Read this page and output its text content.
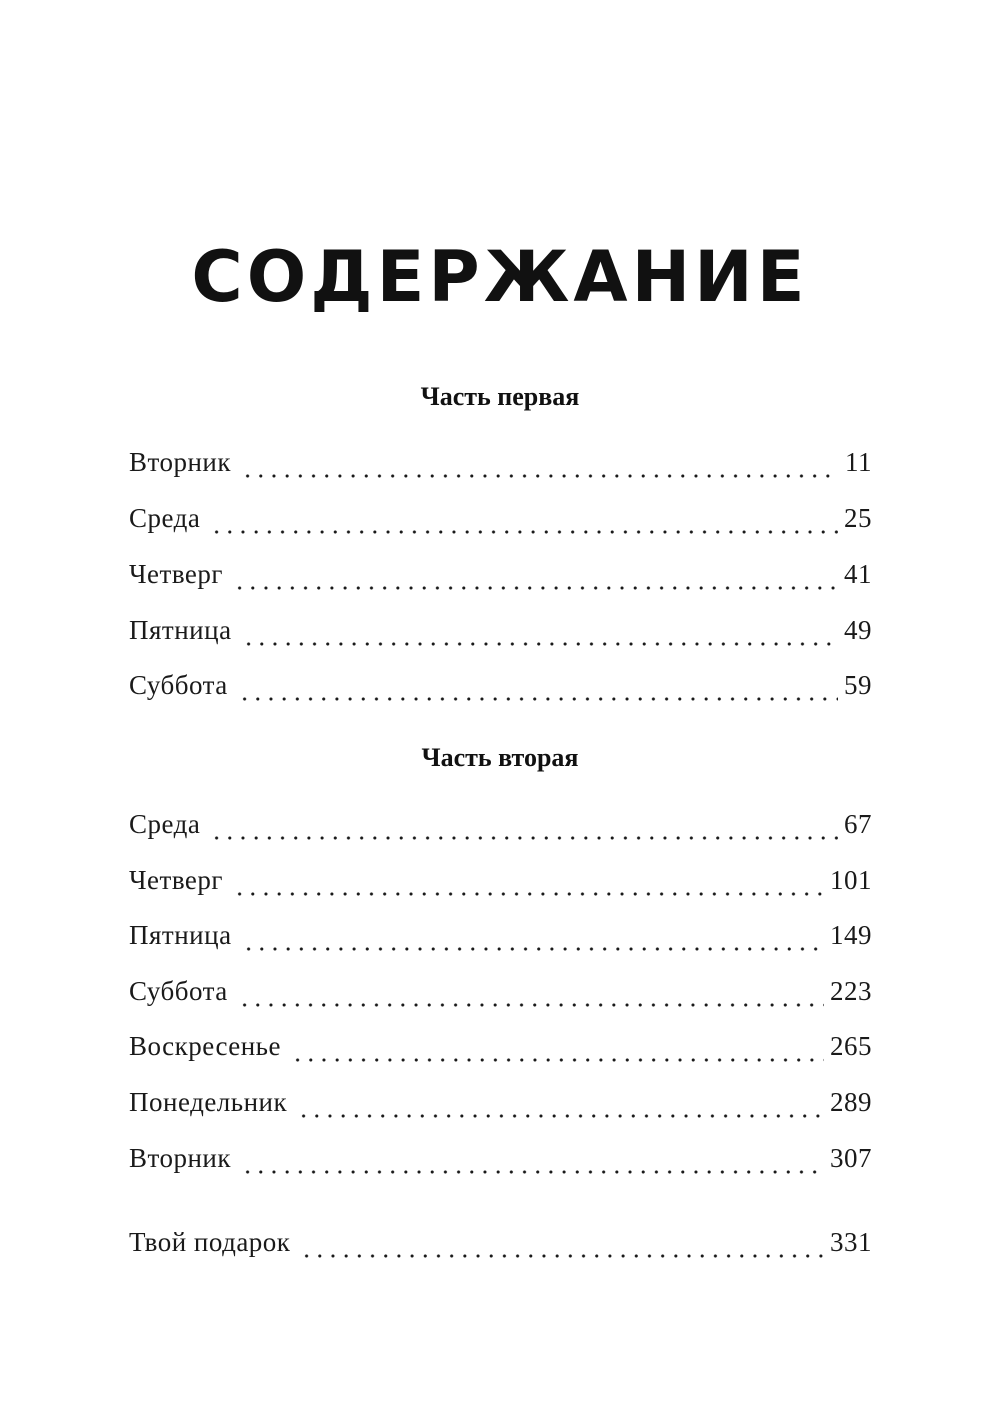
СОДЕРЖАНИЕ
Часть первая
Вторник	11
Среда	25
Четверг	41
Пятница	49
Суббота	59
Часть вторая
Среда	67
Четверг	101
Пятница	149
Суббота	223
Воскресенье	265
Понедельник	289
Вторник	307
Твой подарок	331
